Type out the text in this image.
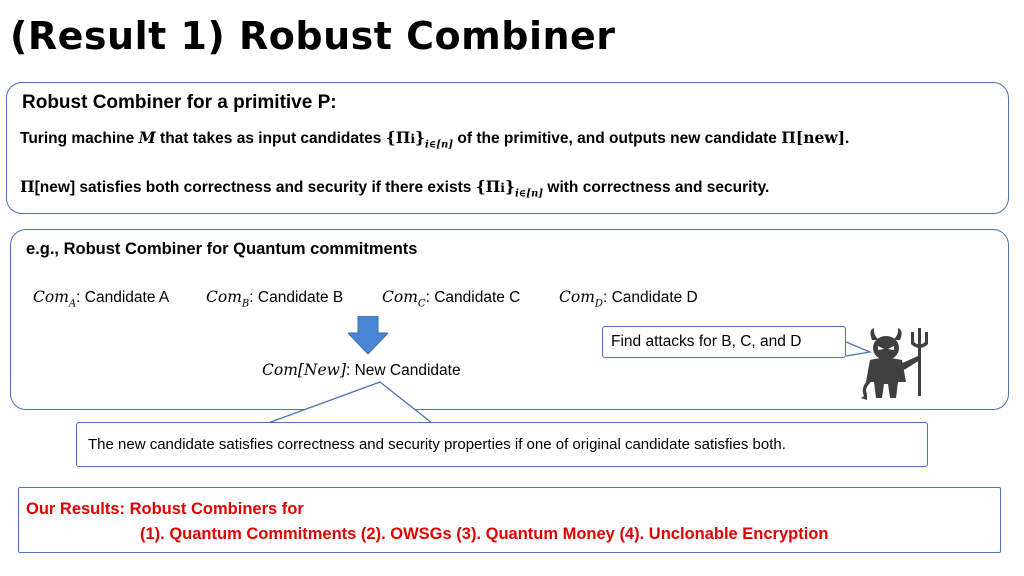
(Result 1) Robust Combiner
Robust Combiner for a primitive P:
Turing machine M that takes as input candidates $\{\Pi i\}_{i\in[n]}$ of the primitive, and outputs new candidate Π[new].
Π[new] satisfies both correctness and security if there exists $\{\Pi i\}_{i\in[n]}$ with correctness and security.
e.g., Robust Combiner for Quantum commitments
Com$_A$: Candidate A Com$_B$: Candidate B	Com$_C$: Candidate C Com$_D$: Candidate D
Com[New]: New Candidate
Find attacks for B, C, and D
The new candidate satisfies correctness and security properties if one of original candidate satisfies both.
Our Results: Robust Combiners for
(1). Quantum Commitments (2). OWSGs (3). Quantum Money (4). Unclonable Encryption
